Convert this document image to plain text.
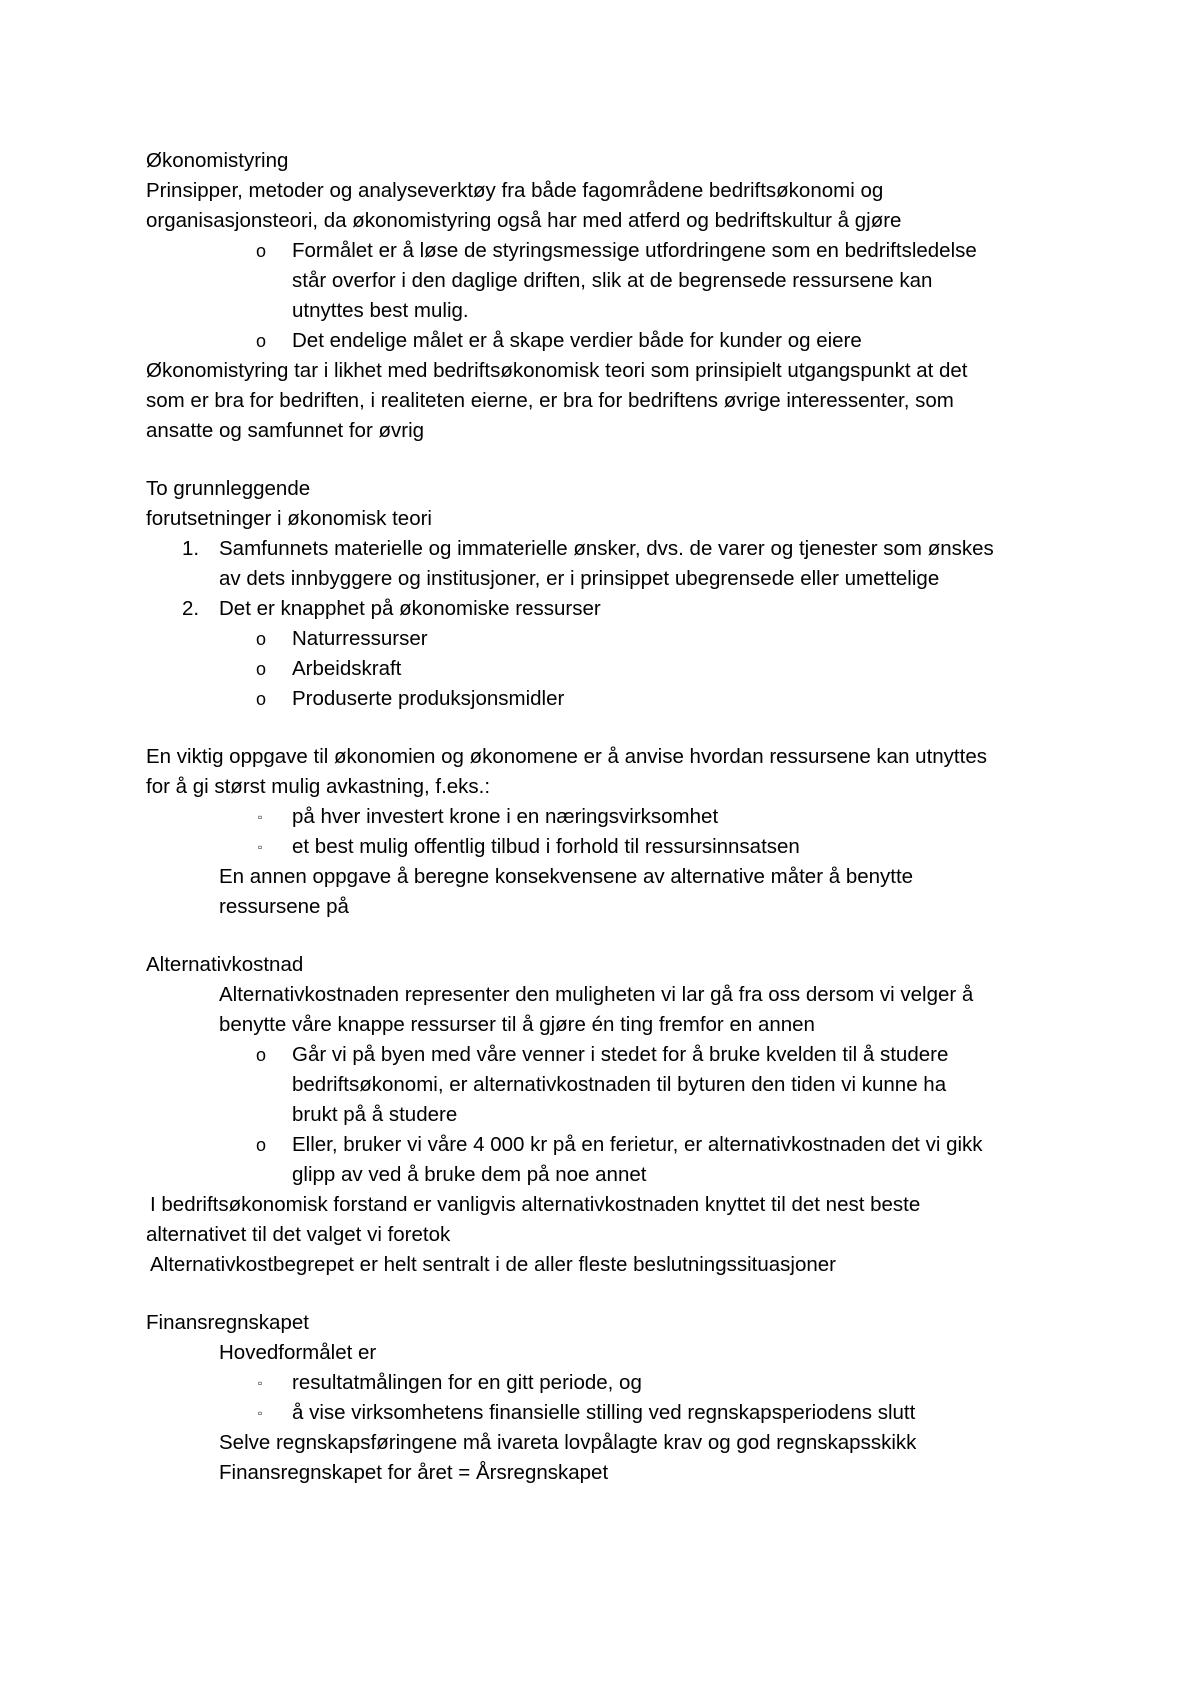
Økonomistyring
Prinsipper, metoder og analyseverktøy fra både fagområdene bedriftsøkonomi og
organisasjonsteori, da økonomistyring også har med atferd og bedriftskultur å gjøre
o	Formålet er å løse de styringsmessige utfordringene som en bedriftsledelse
står overfor i den daglige driften, slik at de begrensede ressursene kan
utnyttes best mulig.
o	Det endelige målet er å skape verdier både for kunder og eiere
Økonomistyring tar i likhet med bedriftsøkonomisk teori som prinsipielt utgangspunkt at det
som er bra for bedriften, i realiteten eierne, er bra for bedriftens øvrige interessenter, som
ansatte og samfunnet for øvrig
To grunnleggende
forutsetninger i økonomisk teori
1. Samfunnets materielle og immaterielle ønsker, dvs. de varer og tjenester som ønskes
av dets innbyggere og institusjoner, er i prinsippet ubegrensede eller umettelige
2. Det er knapphet på økonomiske ressurser
o	Naturressurser
o	Arbeidskraft
o	Produserte produksjonsmidler
En viktig oppgave til økonomien og økonomene er å anvise hvordan ressursene kan utnyttes
for å gi størst mulig avkastning, f.eks.:
▫	på hver investert krone i en næringsvirksomhet
▫	et best mulig offentlig tilbud i forhold til ressursinnsatsen
En annen oppgave å beregne konsekvensene av alternative måter å benytte
ressursene på
Alternativkostnad
Alternativkostnaden representer den muligheten vi lar gå fra oss dersom vi velger å
benytte våre knappe ressurser til å gjøre én ting fremfor en annen
o	Går vi på byen med våre venner i stedet for å bruke kvelden til å studere
bedriftsøkonomi, er alternativkostnaden til byturen den tiden vi kunne ha
brukt på å studere
o	Eller, bruker vi våre 4 000 kr på en ferietur, er alternativkostnaden det vi gikk
glipp av ved å bruke dem på noe annet
I bedriftsøkonomisk forstand er vanligvis alternativkostnaden knyttet til det nest beste
alternativet til det valget vi foretok
Alternativkostbegrepet er helt sentralt i de aller fleste beslutningssituasjoner
Finansregnskapet
Hovedformålet er
▫	resultatmålingen for en gitt periode, og
▫	å vise virksomhetens finansielle stilling ved regnskapsperiodens slutt
Selve regnskapsføringene må ivareta lovpålagte krav og god regnskapsskikk
Finansregnskapet for året = Årsregnskapet
